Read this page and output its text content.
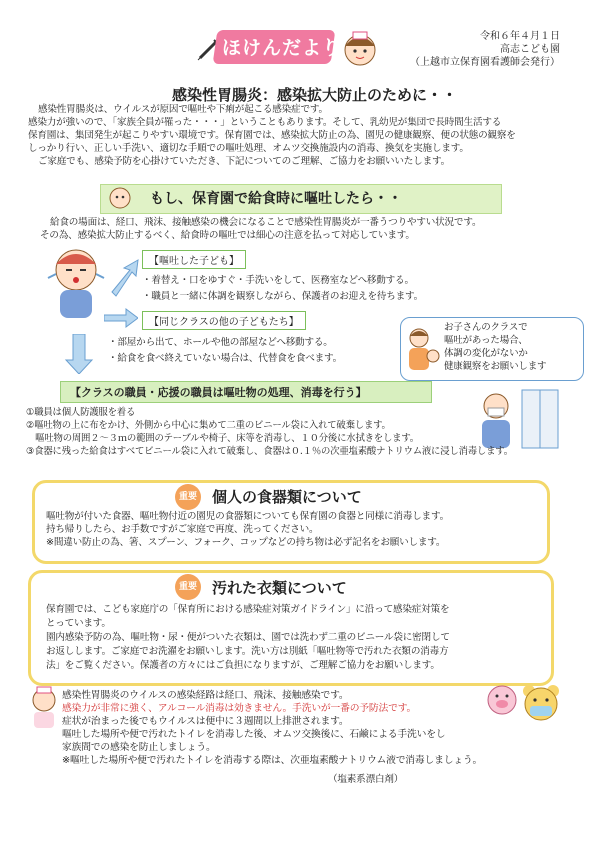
ほけんだより
令和６年４月１日
高志こども園
（上越市立保育園看護師会発行）
感染性胃腸炎：感染拡大防止のために・・
感染性胃腸炎は、ウイルスが原因で嘔吐や下痢が起こる感染症です。
感染力が強いので、「家族全員が罹った・・・」ということもあります。そして、乳幼児が集団で長時間生活する
保育園は、集団発生が起こりやすい環境です。保育園では、感染拡大防止の為、園児の健康観察、便の状態の観察を
しっかり行い、正しい手洗い、適切な手順での嘔吐処理、オムツ交換施設内の消毒、換気を実施します。
ご家庭でも、感染予防を心掛けていただき、下記についてのご理解、ご協力をお願いいたします。
もし、保育園で給食時に嘔吐したら・・
給食の場面は、経口、飛沫、接触感染の機会になることで感染性胃腸炎が一番うつりやすい状況です。
その為、感染拡大防止するべく、給食時の嘔吐では細心の注意を払って対応しています。
【嘔吐した子ども】
・着替え・口をゆすぐ・手洗いをして、医務室などへ移動する。
・職員と一緒に体調を観察しながら、保護者のお迎えを待ちます。
【同じクラスの他の子どもたち】
・部屋から出て、ホールや他の部屋などへ移動する。
・給食を食べ終えていない場合は、代替食を食べます。
お子さんのクラスで
嘔吐があった場合、
体調の変化がないか
健康観察をお願いします
【クラスの職員・応援の職員は嘔吐物の処理、消毒を行う】
①職員は個人防護服を着る
②嘔吐物の上に布をかけ、外側から中心に集めて二重のビニール袋に入れて破棄します。
　嘔吐物の周囲２～３ｍの範囲のテーブルや椅子、床等を消毒し、１０分後に水拭きをします。
③食器に残った給食はすべてビニール袋に入れて破棄し、食器は０.１％の次亜塩素酸ナトリウム液に浸し消毒します。
重要 個人の食器類について
嘔吐物が付いた食器、嘔吐物付近の園児の食器類についても保育園の食器と同様に消毒します。
持ち帰りしたら、お手数ですがご家庭で再度、洗ってください。
※間違い防止の為、箸、スプーン、フォーク、コップなどの持ち物は必ず記名をお願いします。
重要 汚れた衣類について
保育園では、こども家庭庁の「保育所における感染症対策ガイドライン」に沿って感染症対策を
とっています。
園内感染予防の為、嘔吐物・尿・便がついた衣類は、園では洗わず二重のビニール袋に密閉して
お返しします。ご家庭でお洗濯をお願いします。洗い方は別紙「嘔吐物等で汚れた衣類の消毒方
法」をご覧ください。保護者の方々にはご負担になりますが、ご理解ご協力をお願いします。
感染性胃腸炎のウイルスの感染経路は経口、飛沫、接触感染です。
感染力が非常に強く、アルコール消毒は効きません。手洗いが一番の予防法です。
症状が治まった後でもウイルスは便中に３週間以上排泄されます。
嘔吐した場所や便で汚れたトイレを消毒した後、オムツ交換後に、石鹸による手洗いをし
家族間での感染を防止しましょう。
※嘔吐した場所や便で汚れたトイレを消毒する際は、次亜塩素酸ナトリウム液で消毒しましょう。
（塩素系漂白剤）
